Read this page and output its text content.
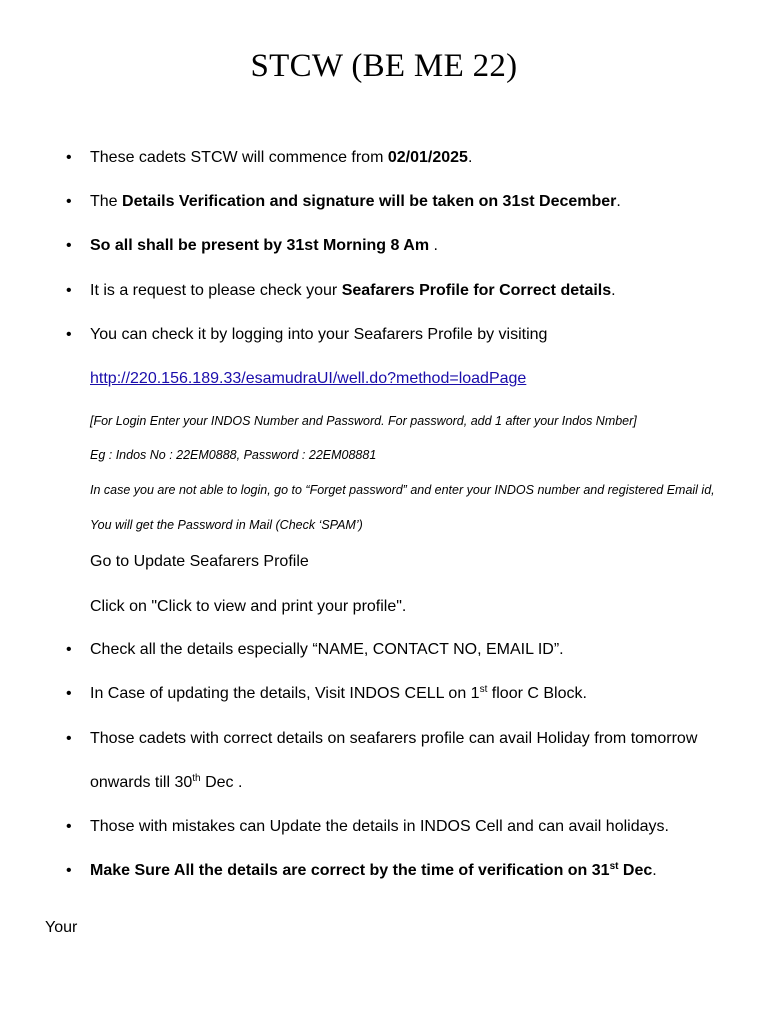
STCW (BE ME 22)
•
These cadets STCW will commence from 02/01/2025.
•
The Details Verification and signature will be taken on 31st December.
•
So all shall be present by 31st Morning 8 Am .
•
It is a request to please check your Seafarers Profile for Correct details.
•
You can check it by logging into your Seafarers Profile by visiting
http://220.156.189.33/esamudraUI/well.do?method=loadPage
[For Login Enter your INDOS Number and Password. For password, add 1 after your Indos Nmber]
Eg : Indos No : 22EM0888, Password : 22EM08881
In case you are not able to login, go to “Forget password” and enter your INDOS number and registered Email id,
You will get the Password in Mail (Check ‘SPAM’)
Go to Update Seafarers Profile
Click on "Click to view and print your profile".
•
Check all the details especially “NAME, CONTACT NO, EMAIL ID”.
•
In Case of updating the details, Visit INDOS CELL on 1st floor C Block.
•
Those cadets with correct details on seafarers profile can avail Holiday from tomorrow
onwards till 30th Dec .
•
Those with mistakes can Update the details in INDOS Cell and can avail holidays.
•
Make Sure All the details are correct by the time of verification on 31st Dec.
Your
